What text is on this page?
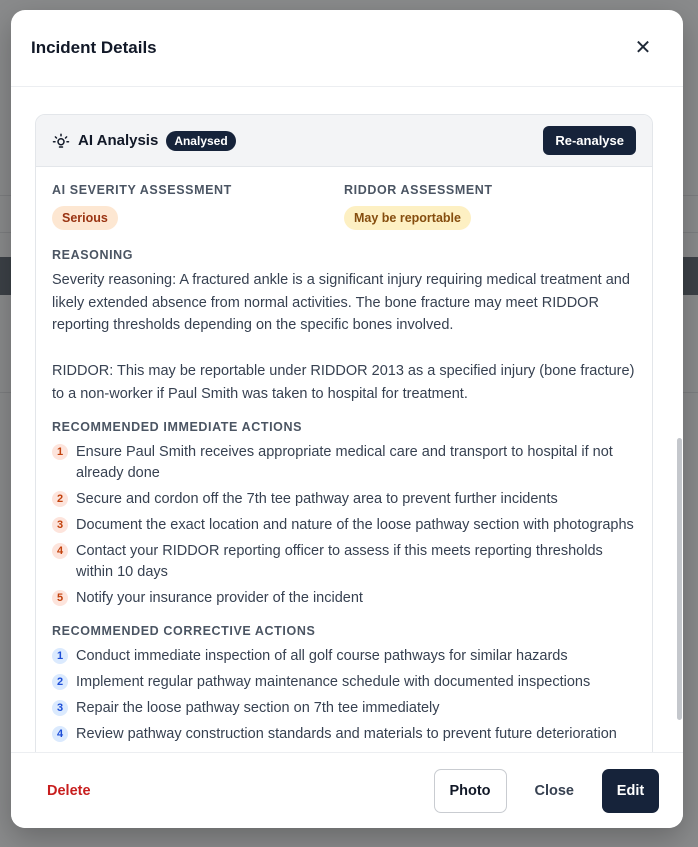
Incident Details	✕
AI Analysis	Analysed	Re-analyse
AI SEVERITY ASSESSMENT
Serious
RIDDOR ASSESSMENT
May be reportable
REASONING

Severity reasoning: A fractured ankle is a significant injury requiring medical treatment and likely extended absence from normal activities. The bone fracture may meet RIDDOR reporting thresholds depending on the specific bones involved.

RIDDOR: This may be reportable under RIDDOR 2013 as a specified injury (bone fracture) to a non-worker if Paul Smith was taken to hospital for treatment.

RECOMMENDED IMMEDIATE ACTIONS
1 Ensure Paul Smith receives appropriate medical care and transport to hospital if not already done
2 Secure and cordon off the 7th tee pathway area to prevent further incidents
3 Document the exact location and nature of the loose pathway section with photographs
4 Contact your RIDDOR reporting officer to assess if this meets reporting thresholds within 10 days
5 Notify your insurance provider of the incident
RECOMMENDED CORRECTIVE ACTIONS
1 Conduct immediate inspection of all golf course pathways for similar hazards
2 Implement regular pathway maintenance schedule with documented inspections
3 Repair the loose pathway section on 7th tee immediately
4 Review pathway construction standards and materials to prevent future deterioration
Delete	Photo	Close	Edit
